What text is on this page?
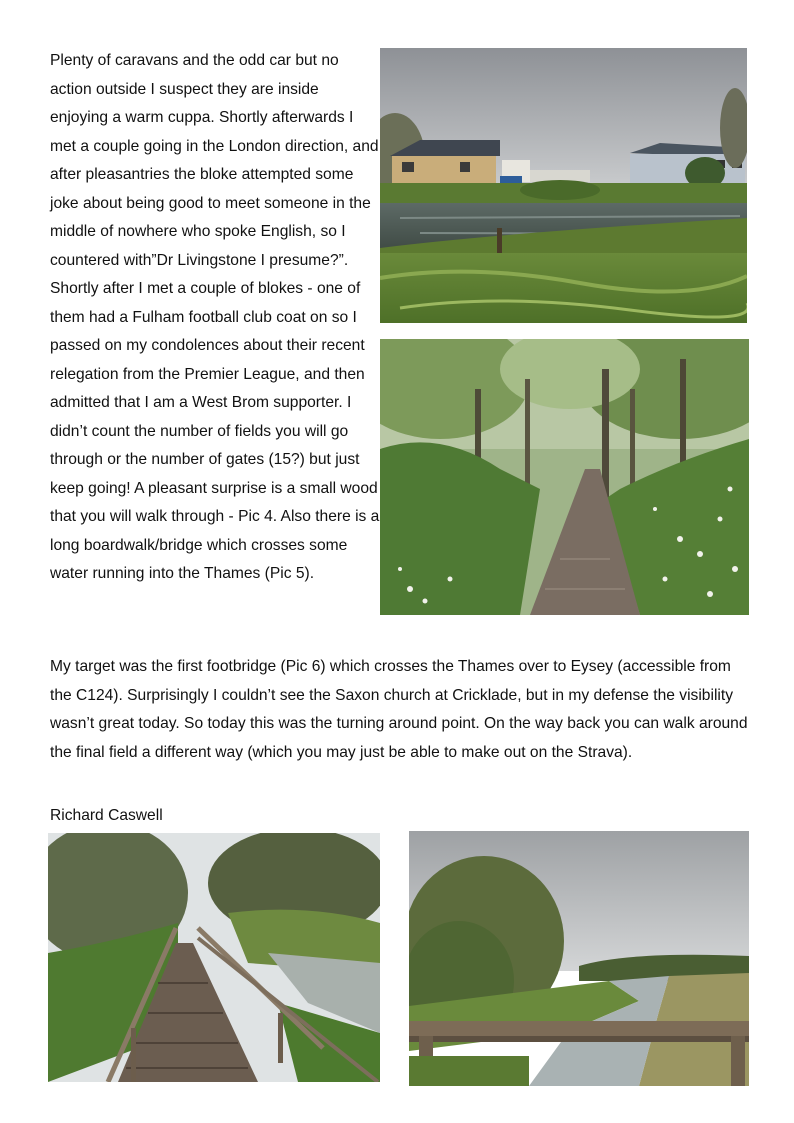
Plenty of caravans and the odd car but no action outside I suspect they are inside enjoying a warm cuppa. Shortly afterwards I met a couple going in the London direction, and after pleasantries the bloke attempted some joke about being good to meet someone in the middle of nowhere who spoke English, so I countered with”Dr Livingstone I presume?”. Shortly after I met a couple of blokes - one of them had a Fulham football club coat on so I passed on my condolences about their recent relegation from the Premier League, and then admitted that I am a West Brom supporter. I didn’t count the number of fields you will go through or the number of gates (15?) but just keep going! A pleasant surprise is a small wood that you will walk through - Pic 4. Also there is a long boardwalk/bridge which crosses some water running into the Thames (Pic 5).

My target was the first footbridge (Pic 6) which crosses the Thames over to Eysey (accessible from the C124). Surprisingly I couldn’t see the Saxon church at Cricklade, but in my defense the visibility wasn’t great today. So today this was the turning around point. On the way back you can walk around the final field a different way (which you may just be able to make out on the Strava).

Richard Caswell
